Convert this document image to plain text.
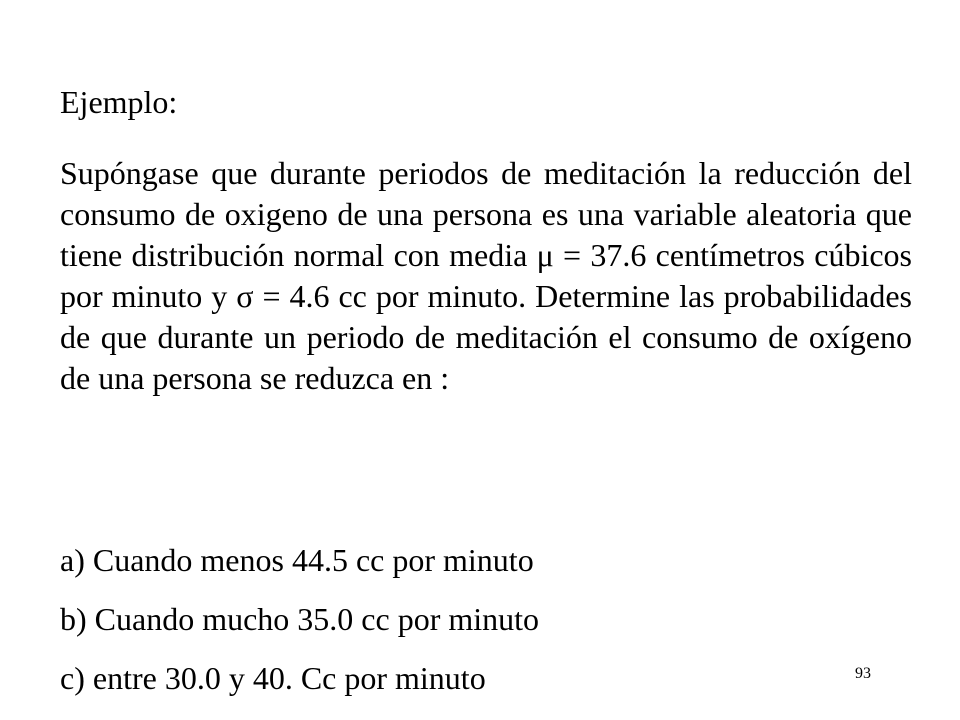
Ejemplo:

Supóngase que durante periodos de meditación la reducción del consumo de oxigeno de una persona es una variable aleatoria que tiene distribución normal con media μ = 37.6 centímetros cúbicos por minuto y σ = 4.6 cc por minuto. Determine las probabilidades de que durante un periodo de meditación el consumo de oxígeno de una persona se reduzca en :

a) Cuando menos 44.5 cc por minuto
b) Cuando mucho 35.0 cc por minuto
c) entre 30.0 y 40. Cc por minuto	93
